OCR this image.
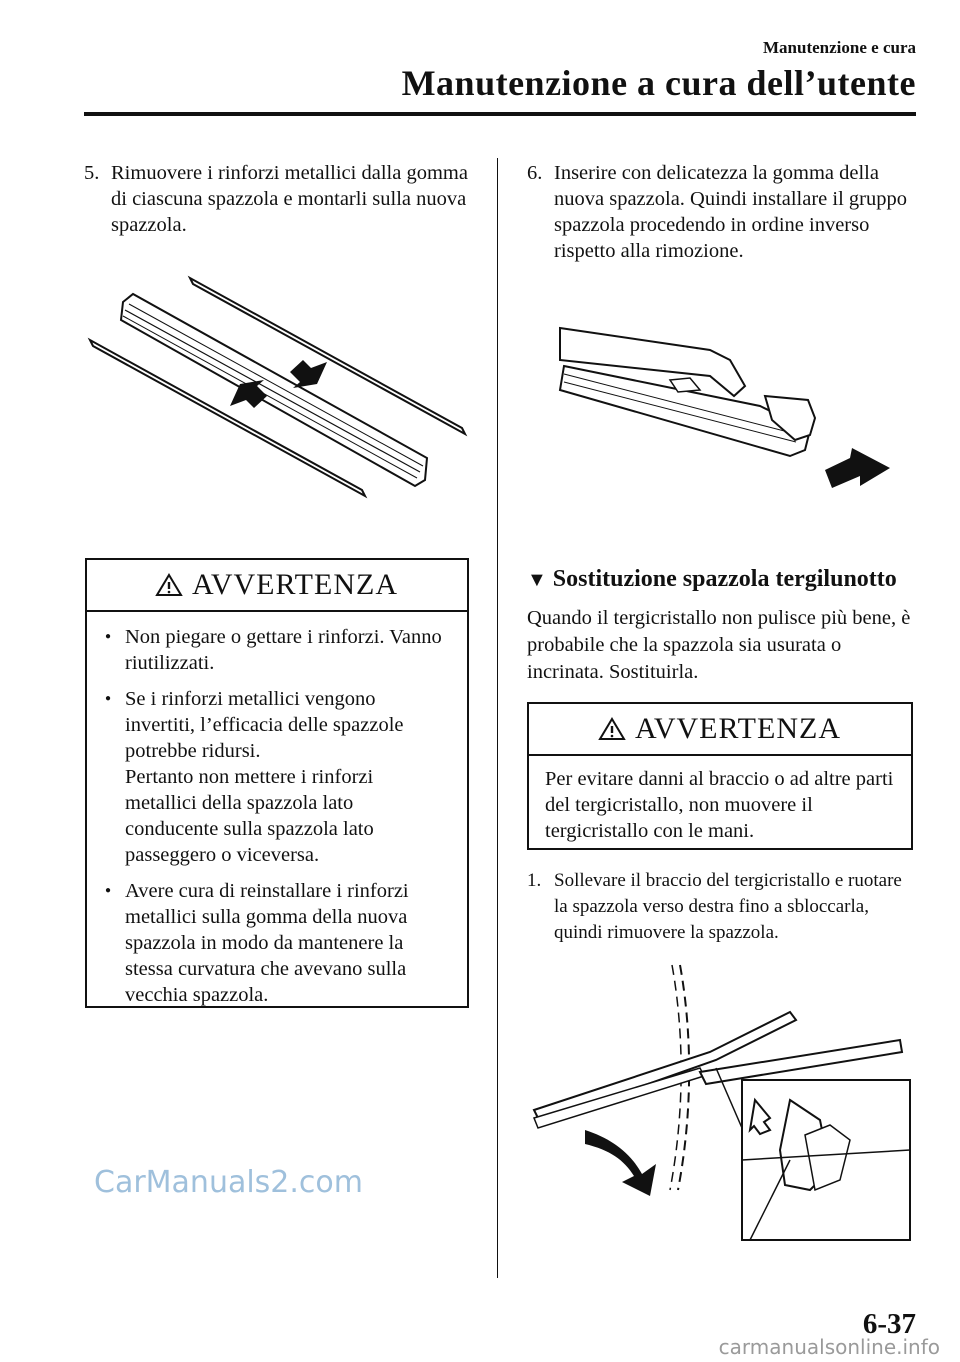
Manutenzione e cura
Manutenzione a cura dell’utente
5. Rimuovere i rinforzi metallici dalla gomma di ciascuna spazzola e montarli sulla nuova spazzola.
AVVERTENZA
● Non piegare o gettare i rinforzi. Vanno riutilizzati.
● Se i rinforzi metallici vengono invertiti, l’efficacia delle spazzole potrebbe ridursi.
Pertanto non mettere i rinforzi metallici della spazzola lato conducente sulla spazzola lato passeggero o viceversa.
● Avere cura di reinstallare i rinforzi metallici sulla gomma della nuova spazzola in modo da mantenere la stessa curvatura che avevano sulla vecchia spazzola.
6. Inserire con delicatezza la gomma della nuova spazzola. Quindi installare il gruppo spazzola procedendo in ordine inverso rispetto alla rimozione.
▼ Sostituzione spazzola tergilunotto
Quando il tergicristallo non pulisce più bene, è probabile che la spazzola sia usurata o incrinata. Sostituirla.
AVVERTENZA
Per evitare danni al braccio o ad altre parti del tergicristallo, non muovere il tergicristallo con le mani.
1. Sollevare il braccio del tergicristallo e ruotare la spazzola verso destra fino a sbloccarla, quindi rimuovere la spazzola.
CarManuals2.com
6-37
carmanualsonline.info
